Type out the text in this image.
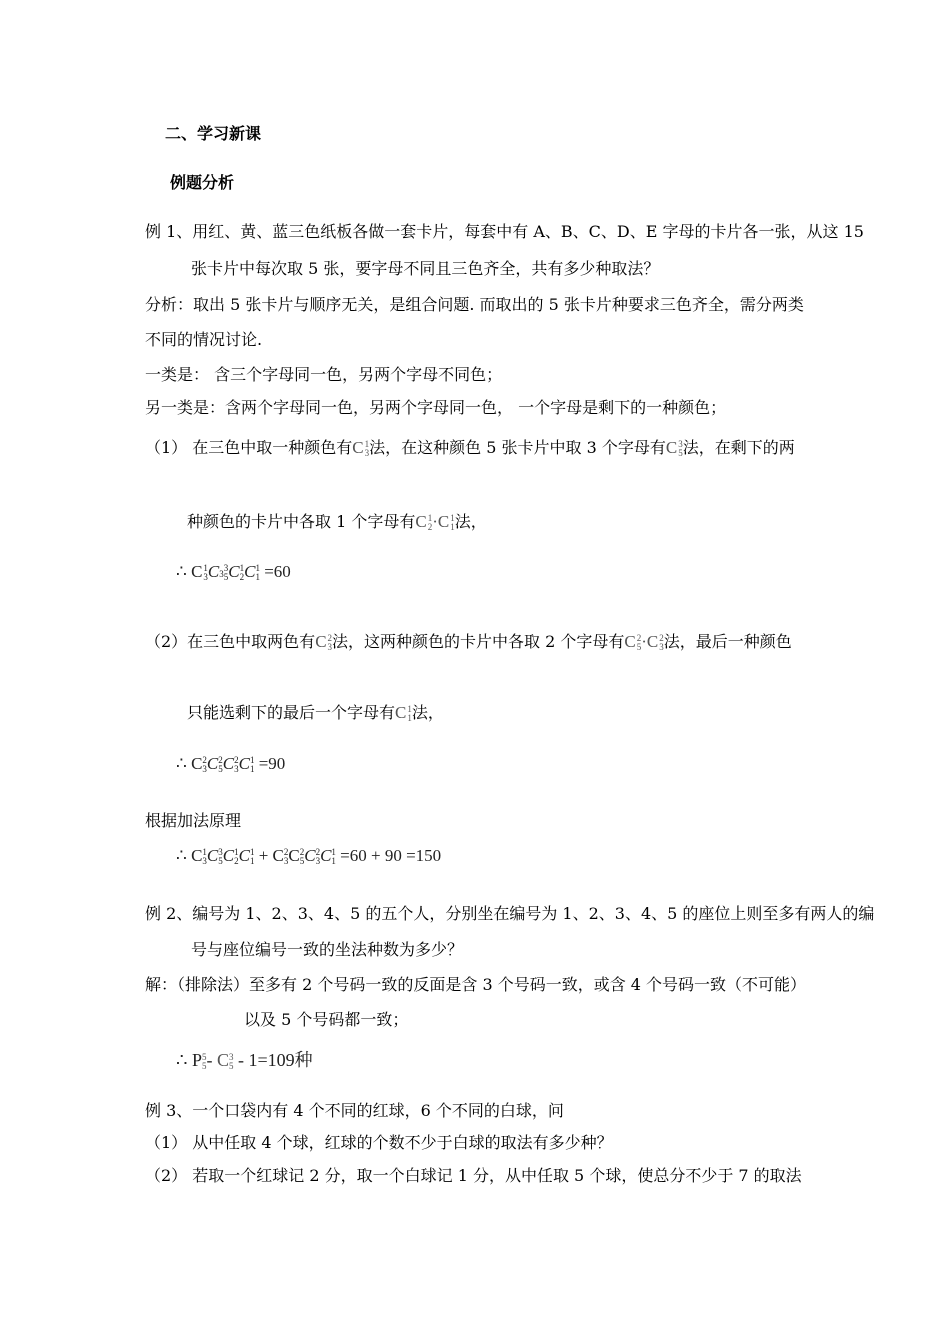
二、学习新课
例题分析
例 1、用红、黄、蓝三色纸板各做一套卡片，每套中有 A、B、C、D、E 字母的卡片各一张，从这 15
张卡片中每次取 5 张，要字母不同且三色齐全，共有多少种取法？
分析：取出 5 张卡片与顺序无关，是组合问题. 而取出的 5 张卡片种要求三色齐全，需分两类
不同的情况讨论.
一类是： 含三个字母同一色，另两个字母不同色；
另一类是：含两个字母同一色，另两个字母同一色， 一个字母是剩下的一种颜色；
（1） 在三色中取一种颜色有C 1
3 法，在这种颜色 5 张卡片中取 3 个字母有C 3
5 法，在剩下的两
种颜色的卡片中各取 1 个字母有C 1
2 ·C 1
1 法，
∴ C 1
3 C3
3
5 C 1
2 C 1
1 =60
（2）在三色中取两色有C 2
3 法，这两种颜色的卡片中各取 2 个字母有C 2
5 ·C 2
3 法，最后一种颜色
只能选剩下的最后一个字母有C 1
1 法，
∴ C 2
3 C 2
5 C 2
3 C 1
1 =90
根据加法原理
∴ C 1
3 C 3
5 C 1
2 C 1
1 + C 2
3 C 2
5 C 2
3 C 1
1 =60 + 90 =150
例 2、编号为 1、2、3、4、5 的五个人，分别坐在编号为 1、2、3、4、5 的座位上则至多有两人的编
号与座位编号一致的坐法种数为多少？
解：（排除法）至多有 2 个号码一致的反面是含 3 个号码一致，或含 4 个号码一致（不可能）
以及 5 个号码都一致；
∴ P 5
5 - C 3
5 - 1=109种
例 3、一个口袋内有 4 个不同的红球，6 个不同的白球，问
（1） 从中任取 4 个球，红球的个数不少于白球的取法有多少种？
（2） 若取一个红球记 2 分，取一个白球记 1 分，从中任取 5 个球，使总分不少于 7 的取法
